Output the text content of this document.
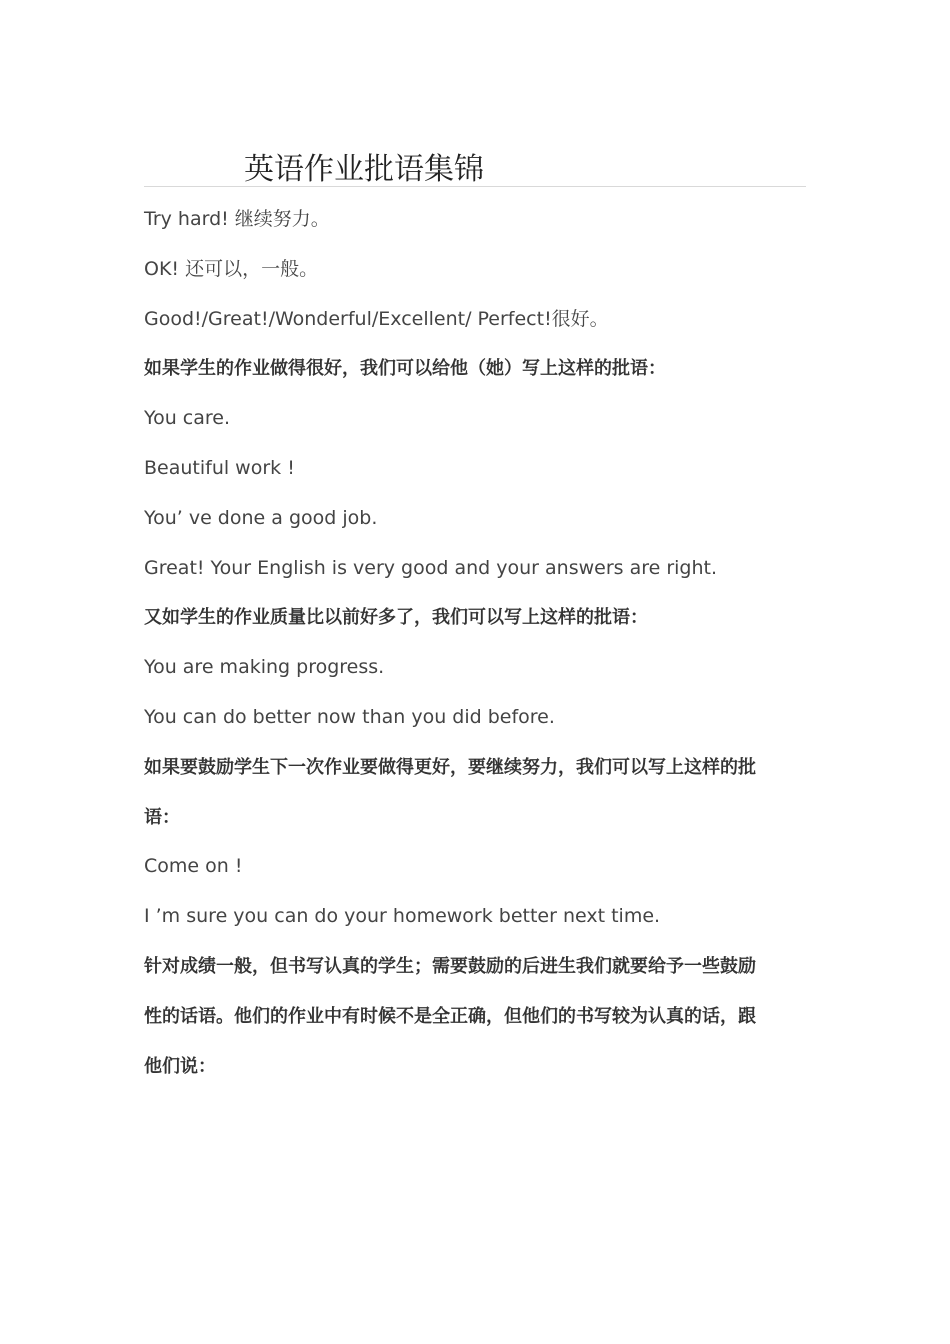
英语作业批语集锦

Try hard! 继续努力。

OK! 还可以，一般。

Good!/Great!/Wonderful/Excellent/ Perfect!很好。

如果学生的作业做得很好，我们可以给他（她）写上这样的批语：

You care.

Beautiful work !

You’ ve done a good job.

Great! Your English is very good and your answers are right.

又如学生的作业质量比以前好多了，我们可以写上这样的批语：

You are making progress.

You can do better now than you did before.

如果要鼓励学生下一次作业要做得更好，要继续努力，我们可以写上这样的批

语：

Come on !

I ’m sure you can do your homework better next time.

针对成绩一般，但书写认真的学生；需要鼓励的后进生我们就要给予一些鼓励

性的话语。他们的作业中有时候不是全正确，但他们的书写较为认真的话，跟

他们说：
